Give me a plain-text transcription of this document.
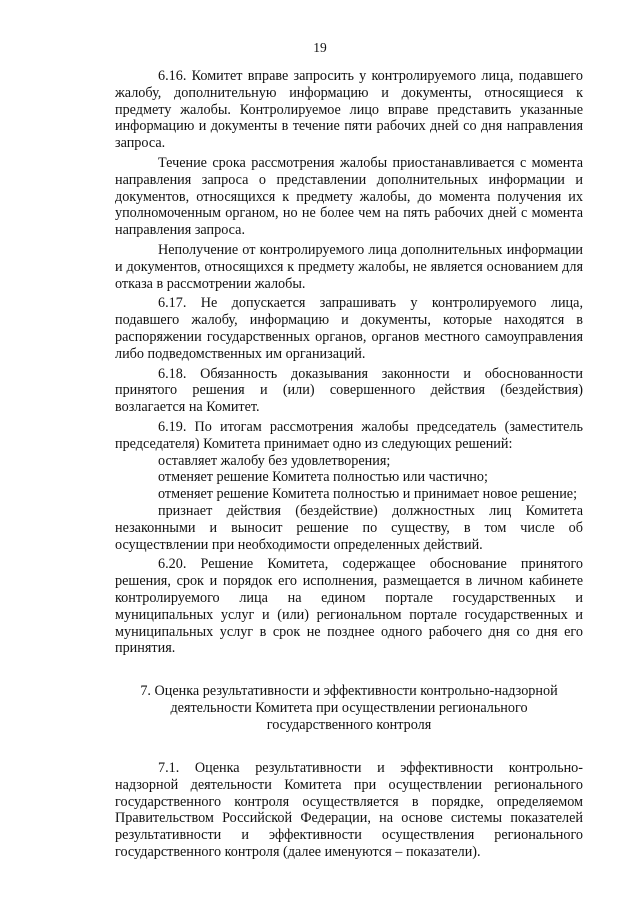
19

6.16. Комитет вправе запросить у контролируемого лица, подавшего жалобу, дополнительную информацию и документы, относящиеся к предмету жалобы. Контролируемое лицо вправе представить указанные информацию и документы в течение пяти рабочих дней со дня направления запроса.

Течение срока рассмотрения жалобы приостанавливается с момента направления запроса о представлении дополнительных информации и документов, относящихся к предмету жалобы, до момента получения их уполномоченным органом, но не более чем на пять рабочих дней с момента направления запроса.

Неполучение от контролируемого лица дополнительных информации и документов, относящихся к предмету жалобы, не является основанием для отказа в рассмотрении жалобы.

6.17. Не допускается запрашивать у контролируемого лица, подавшего жалобу, информацию и документы, которые находятся в распоряжении государственных органов, органов местного самоуправления либо подведомственных им организаций.

6.18. Обязанность доказывания законности и обоснованности принятого решения и (или) совершенного действия (бездействия) возлагается на Комитет.

6.19. По итогам рассмотрения жалобы председатель (заместитель председателя) Комитета принимает одно из следующих решений:

оставляет жалобу без удовлетворения;

отменяет решение Комитета полностью или частично;

отменяет решение Комитета полностью и принимает новое решение;

признает действия (бездействие) должностных лиц Комитета незаконными и выносит решение по существу, в том числе об осуществлении при необходимости определенных действий.

6.20. Решение Комитета, содержащее обоснование принятого решения, срок и порядок его исполнения, размещается в личном кабинете контролируемого лица на едином портале государственных и муниципальных услуг и (или) региональном портале государственных и муниципальных услуг в срок не позднее одного рабочего дня со дня его принятия.

7. Оценка результативности и эффективности контрольно-надзорной

деятельности Комитета при осуществлении регионального

государственного контроля

7.1. Оценка результативности и эффективности контрольно-надзорной деятельности Комитета при осуществлении регионального государственного контроля осуществляется в порядке, определяемом Правительством Российской Федерации, на основе системы показателей результативности и эффективности осуществления регионального государственного контроля (далее именуются – показатели).
